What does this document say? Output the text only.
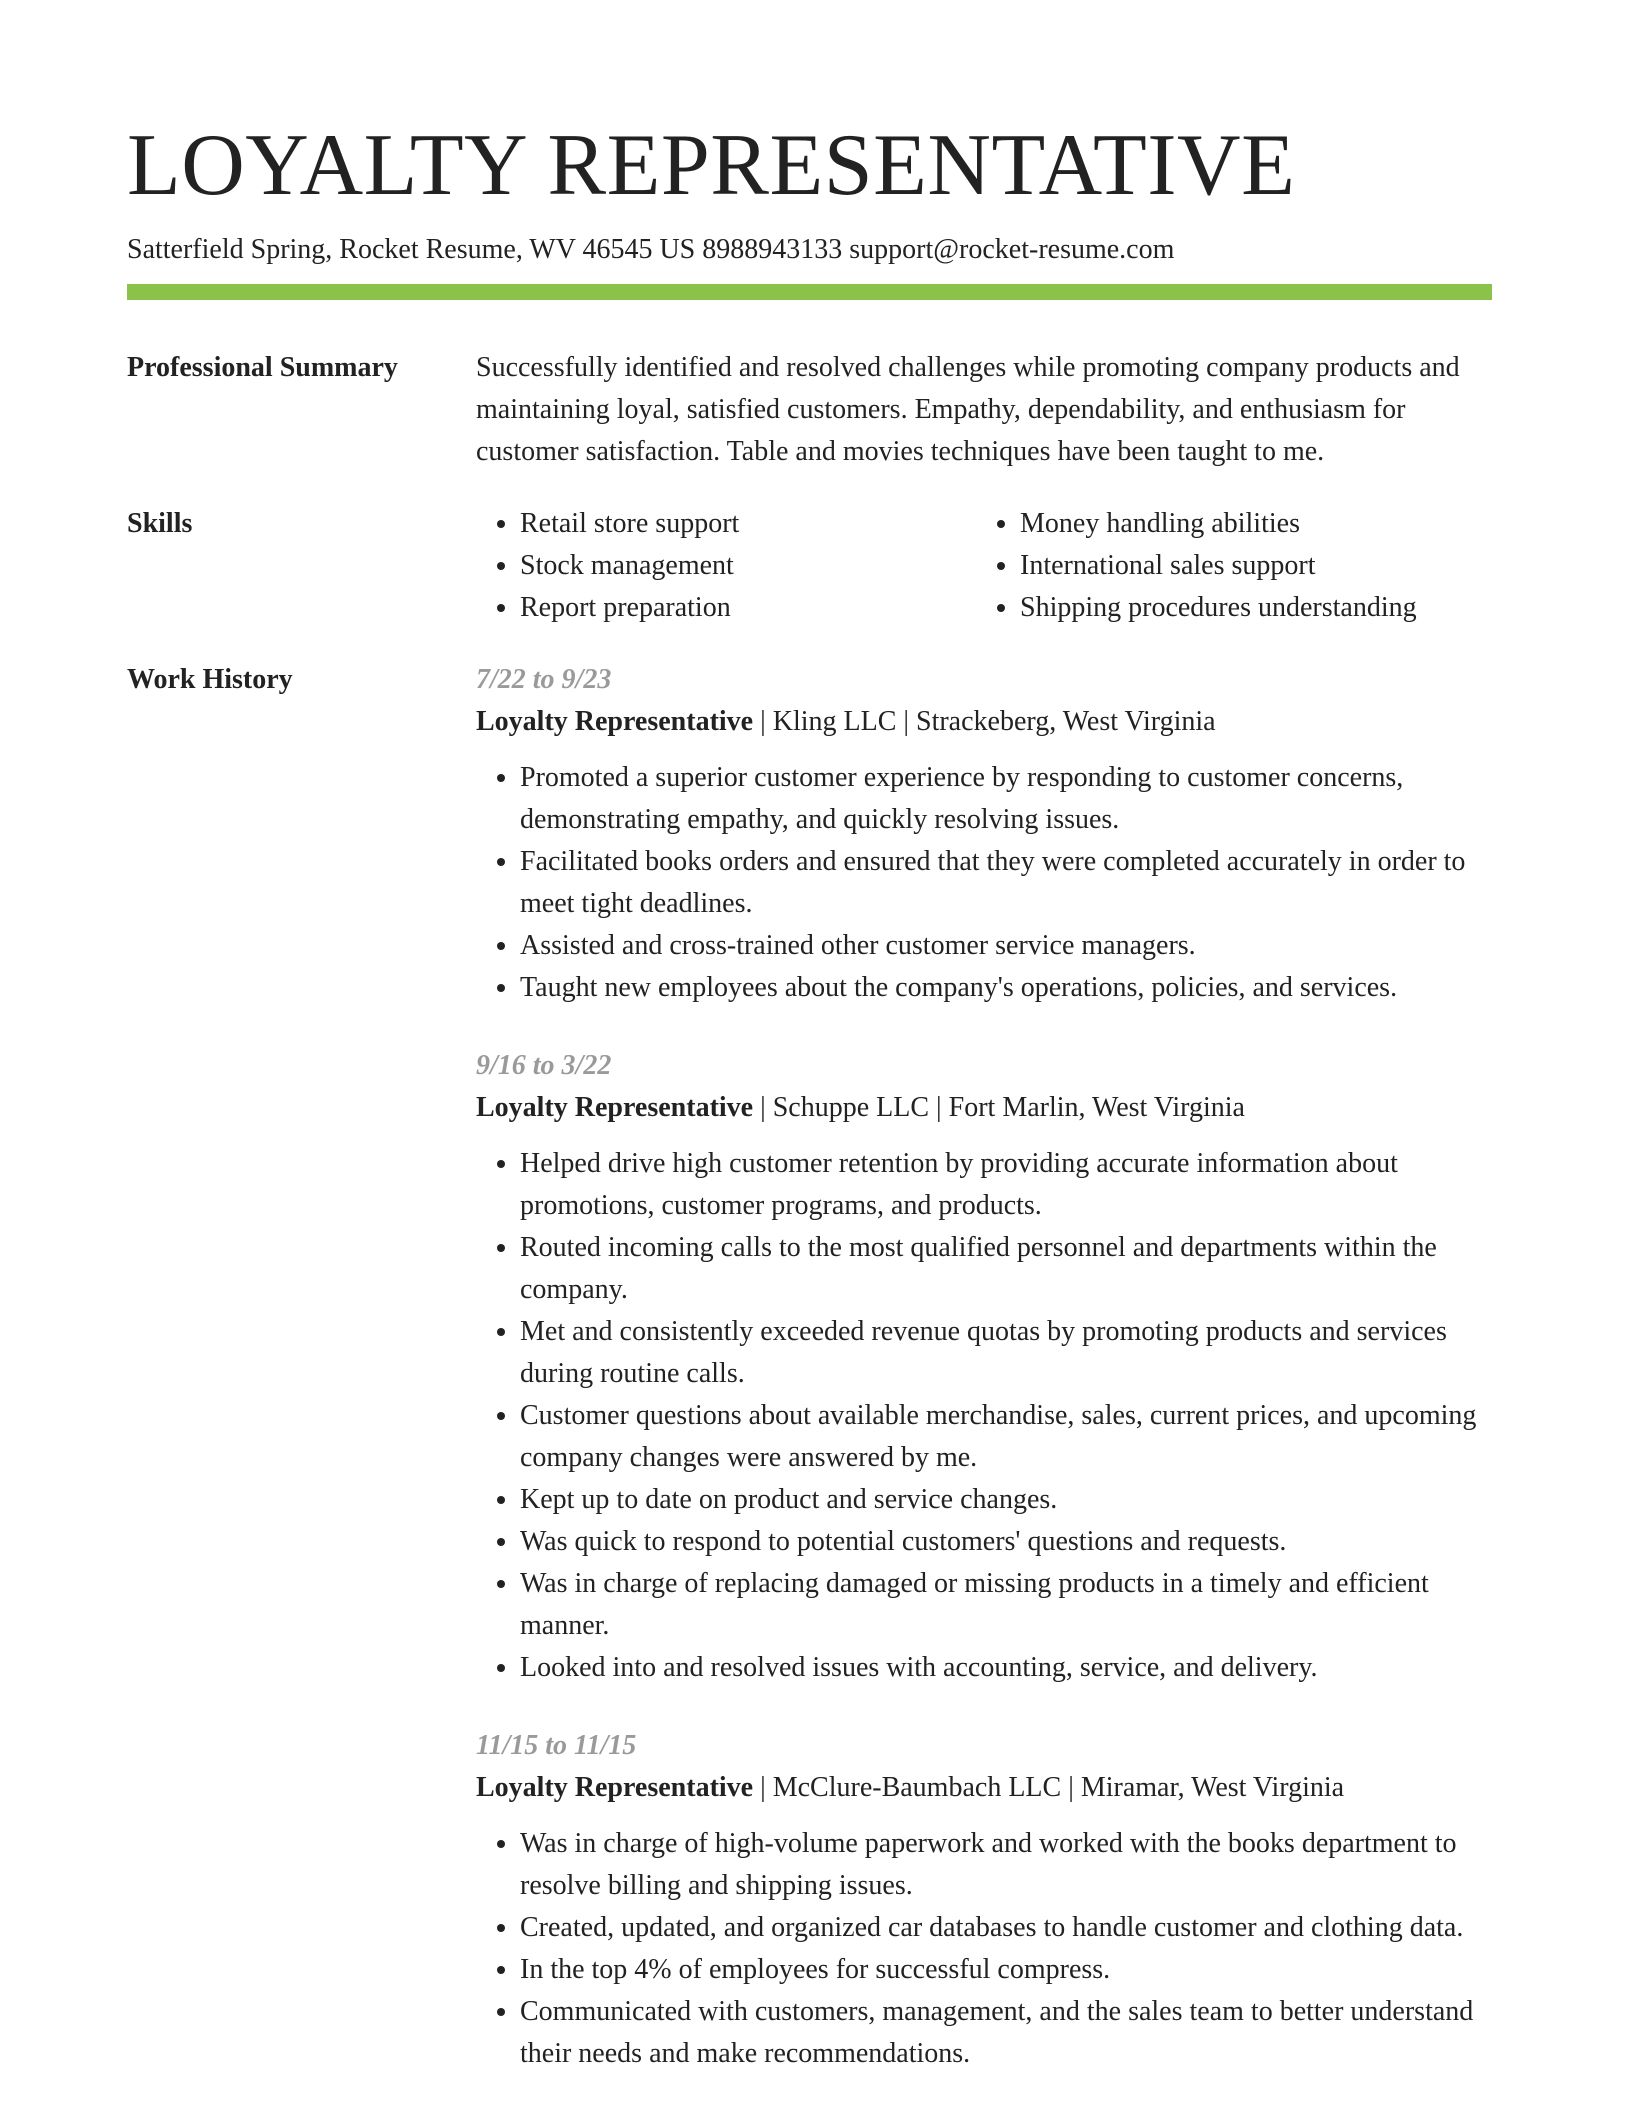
LOYALTY REPRESENTATIVE
Satterfield Spring, Rocket Resume, WV 46545 US 8988943133 support@rocket-resume.com
Professional Summary	Successfully identified and resolved challenges while promoting company products and maintaining loyal, satisfied customers. Empathy, dependability, and enthusiasm for customer satisfaction. Table and movies techniques have been taught to me.

Skills
•	Retail store support
• Stock management
• Report preparation
• Money handling abilities
• International sales support
• Shipping procedures understanding
Work History	7/22 to 9/23
Loyalty Representative | Kling LLC | Strackeberg, West Virginia
• Promoted a superior customer experience by responding to customer concerns, demonstrating empathy, and quickly resolving issues.
• Facilitated books orders and ensured that they were completed accurately in order to meet tight deadlines.
• Assisted and cross-trained other customer service managers.
• Taught new employees about the company's operations, policies, and services.
9/16 to 3/22
Loyalty Representative | Schuppe LLC | Fort Marlin, West Virginia
• Helped drive high customer retention by providing accurate information about promotions, customer programs, and products.
• Routed incoming calls to the most qualified personnel and departments within the company.
• Met and consistently exceeded revenue quotas by promoting products and services during routine calls.
• Customer questions about available merchandise, sales, current prices, and upcoming company changes were answered by me.
• Kept up to date on product and service changes.
• Was quick to respond to potential customers' questions and requests.
• Was in charge of replacing damaged or missing products in a timely and efficient manner.
• Looked into and resolved issues with accounting, service, and delivery.
11/15 to 11/15
Loyalty Representative | McClure-Baumbach LLC | Miramar, West Virginia
• Was in charge of high-volume paperwork and worked with the books department to resolve billing and shipping issues.
• Created, updated, and organized car databases to handle customer and clothing data.
• In the top 4% of employees for successful compress.
• Communicated with customers, management, and the sales team to better understand their needs and make recommendations.
